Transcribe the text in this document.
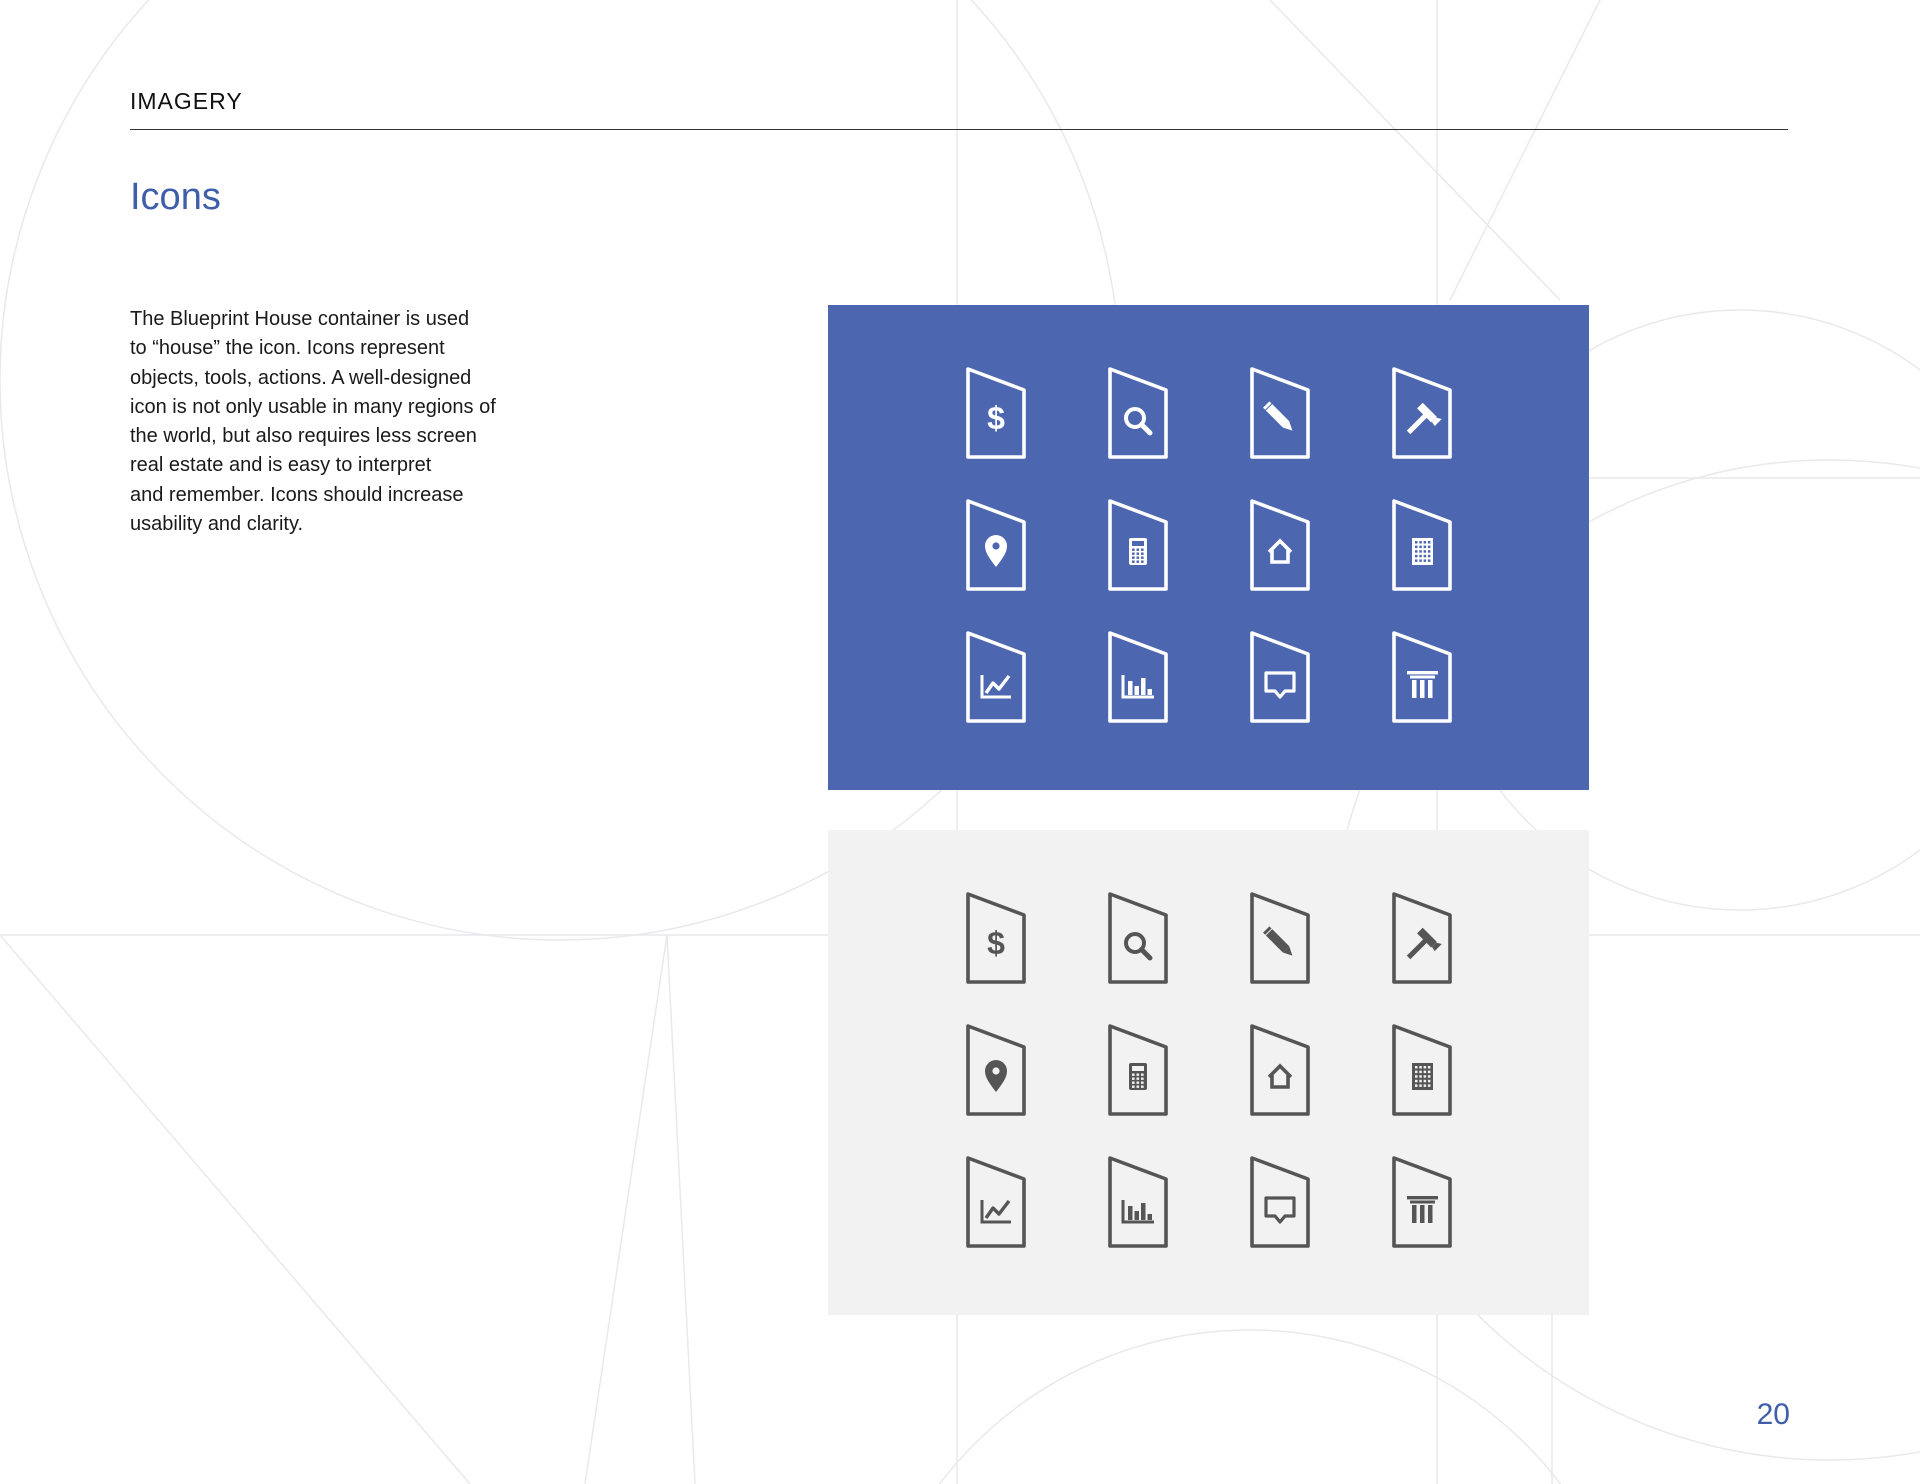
IMAGERY
Icons
The Blueprint House container is used
to “house” the icon. Icons represent
objects, tools, actions. A well-designed
icon is not only usable in many regions of
the world, but also requires less screen
real estate and is easy to interpret
and remember. Icons should increase
usability and clarity.
$
$
20
